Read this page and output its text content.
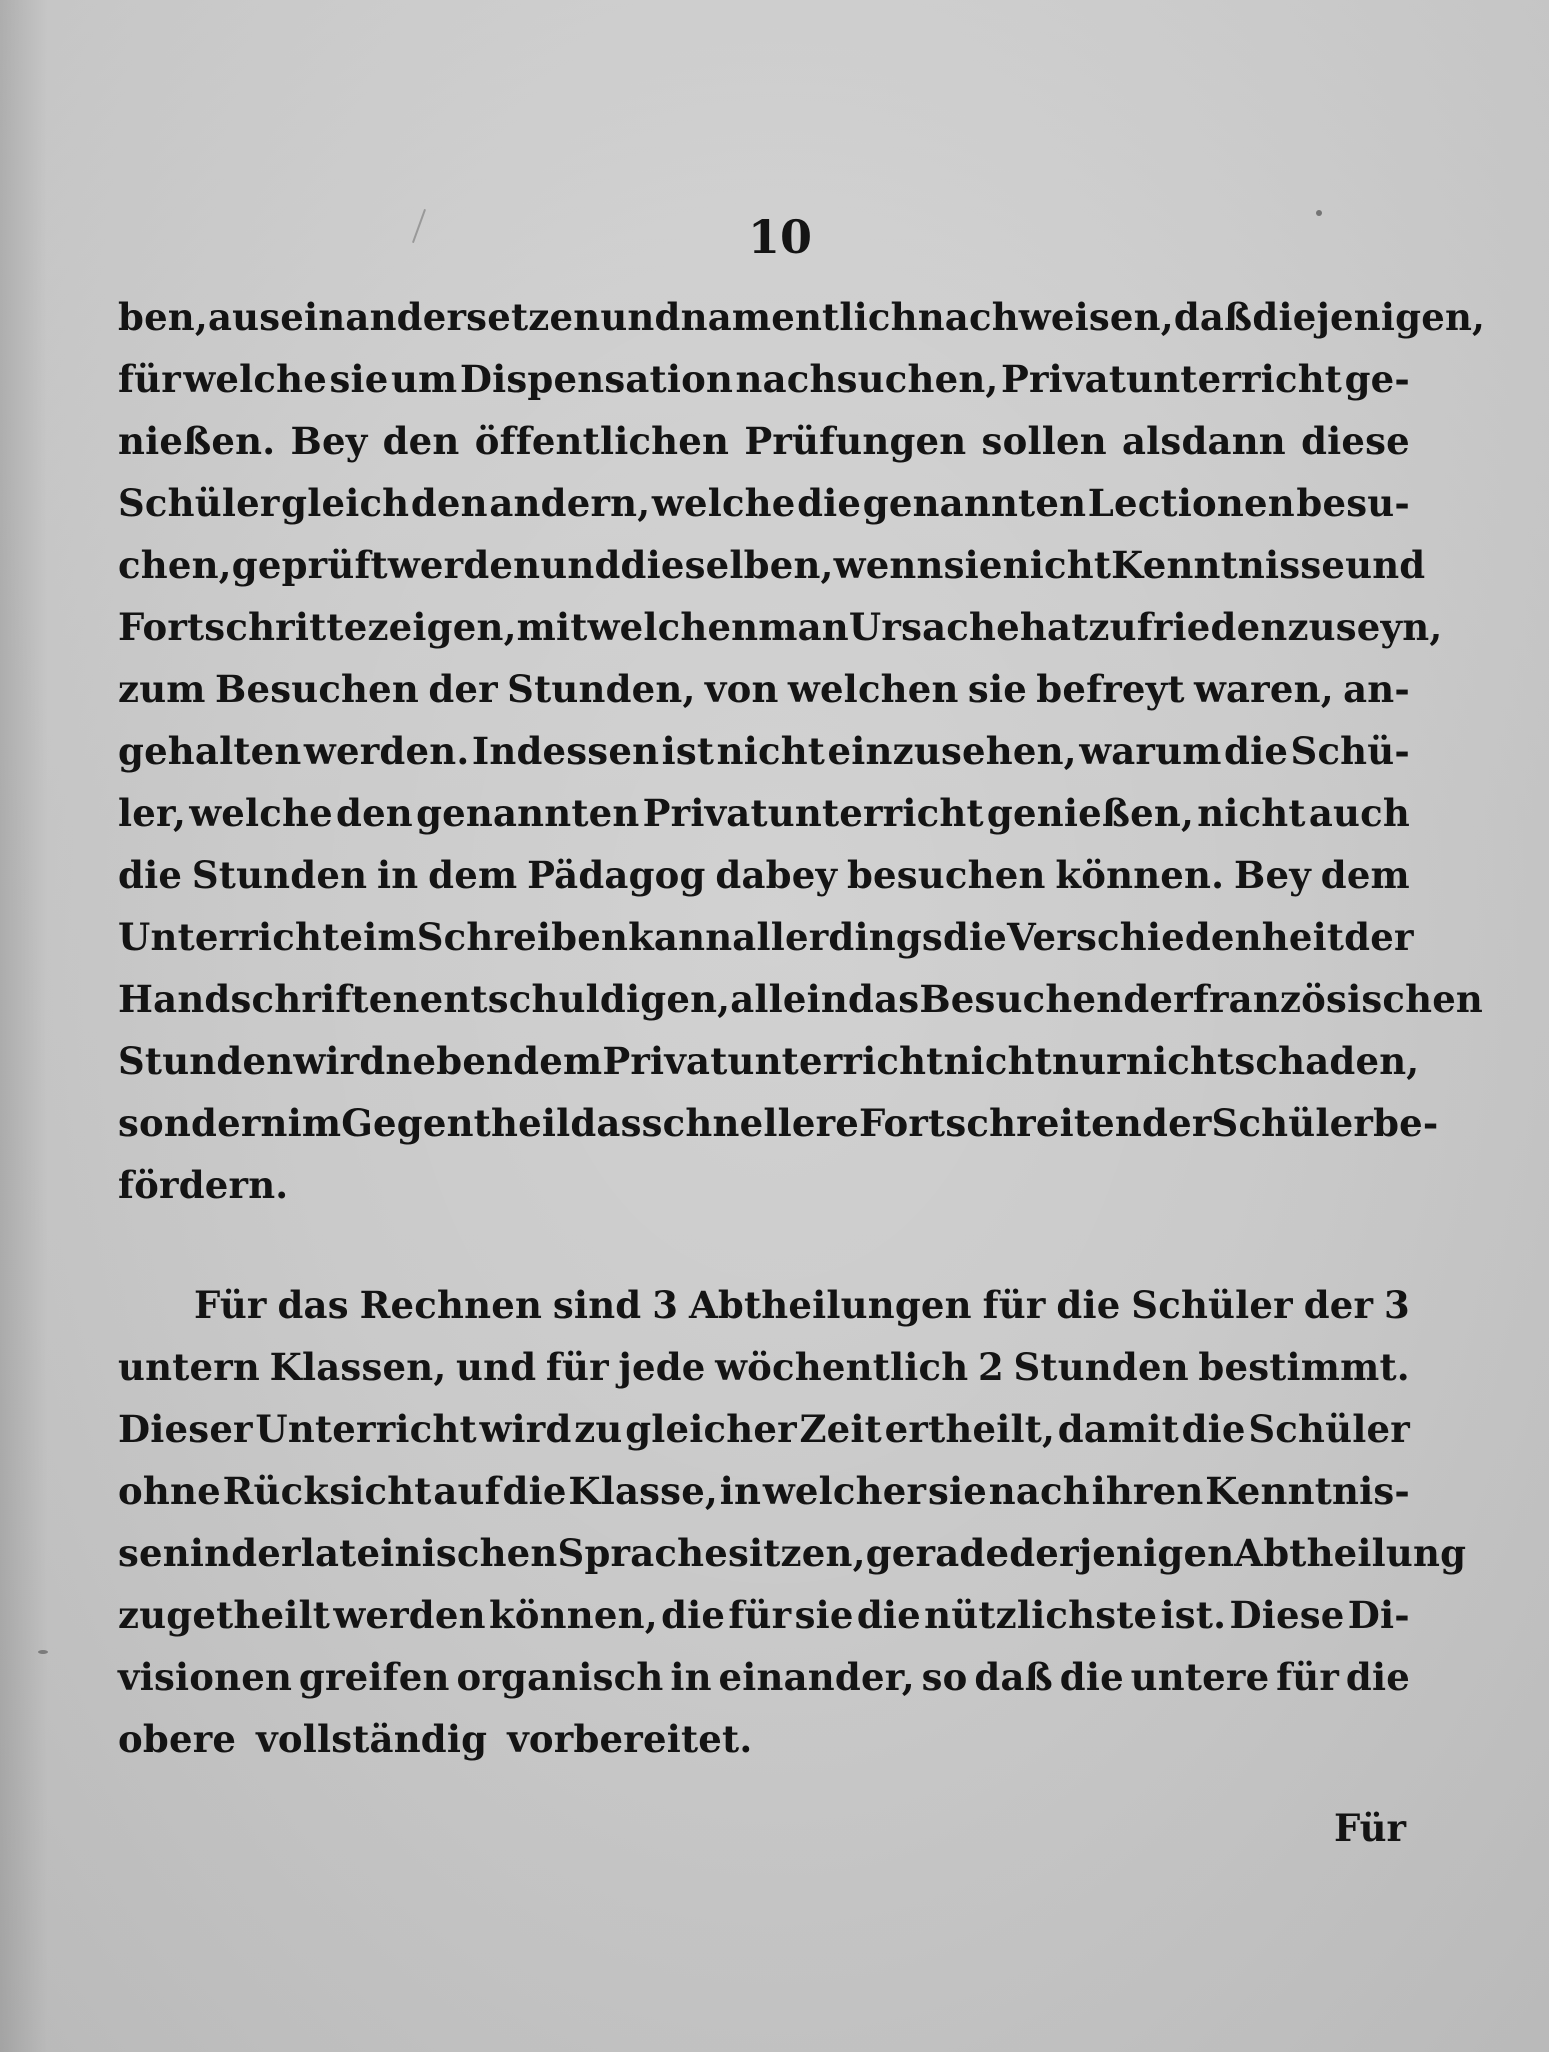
10
ben, auseinandersetzen und namentlich nachweisen, daß diejenigen,
für welche sie um Dispensation nachsuchen, Privatunterricht ge-
nießen. Bey den öffentlichen Prüfungen sollen alsdann diese
Schüler gleich den andern, welche die genannten Lectionen besu-
chen, geprüft werden und dieselben, wenn sie nicht Kenntnisse und
Fortschritte zeigen, mit welchen man Ursache hat zufrieden zu seyn,
zum Besuchen der Stunden, von welchen sie befreyt waren, an-
gehalten werden. Indessen ist nicht einzusehen, warum die Schü-
ler, welche den genannten Privatunterricht genießen, nicht auch
die Stunden in dem Pädagog dabey besuchen können. Bey dem
Unterrichte im Schreiben kann allerdings die Verschiedenheit der
Handschriften entschuldigen, allein das Besuchen der französischen
Stunden wird neben dem Privatunterricht nicht nur nicht schaden,
sondern im Gegentheil das schnellere Fortschreiten der Schüler be-
fördern.
Für das Rechnen sind 3 Abtheilungen für die Schüler der 3
untern Klassen, und für jede wöchentlich 2 Stunden bestimmt.
Dieser Unterricht wird zu gleicher Zeit ertheilt, damit die Schüler
ohne Rücksicht auf die Klasse, in welcher sie nach ihren Kenntnis-
sen in der lateinischen Sprache sitzen, gerade derjenigen Abtheilung
zugetheilt werden können, die für sie die nützlichste ist. Diese Di-
visionen greifen organisch in einander, so daß die untere für die
obere vollständig vorbereitet.
Für
